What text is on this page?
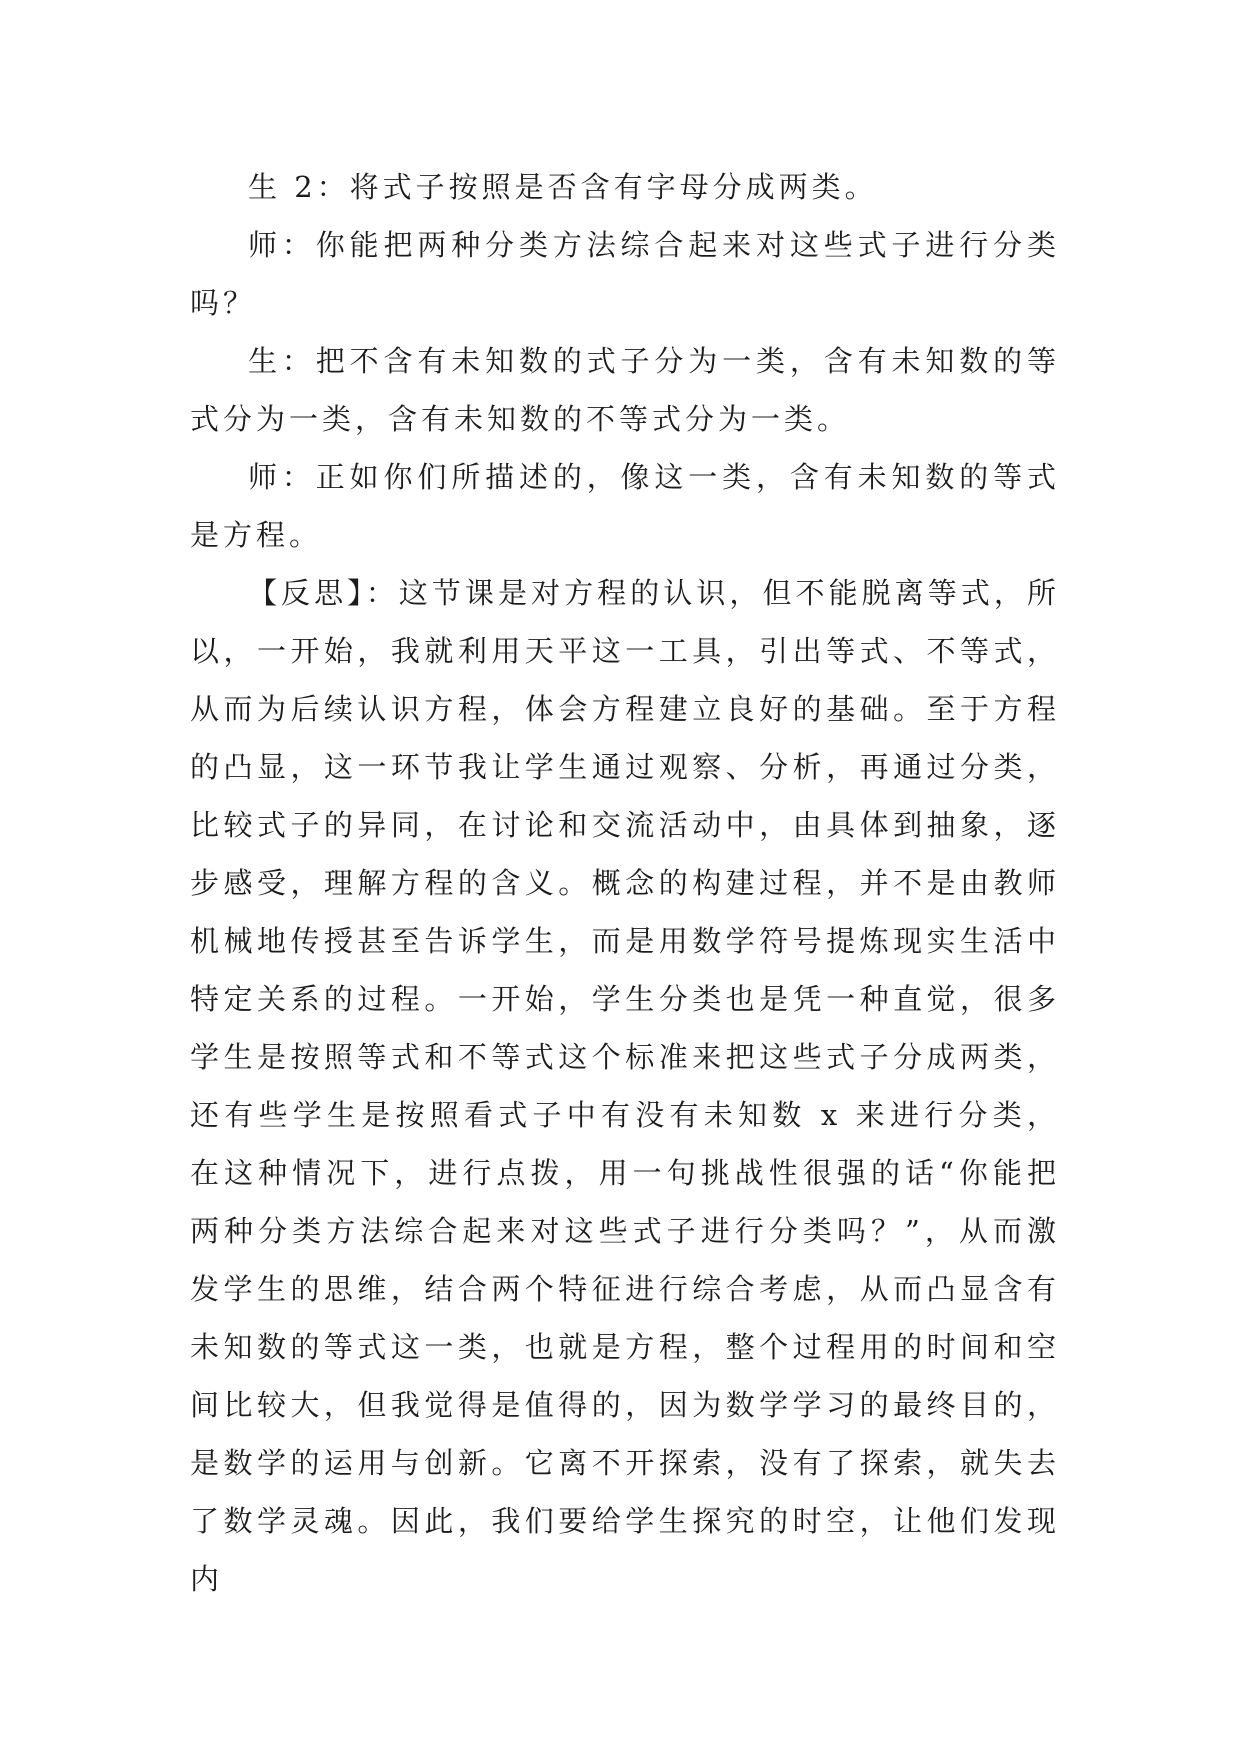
生 2：将式子按照是否含有字母分成两类。

师：你能把两种分类方法综合起来对这些式子进行分类吗？

生：把不含有未知数的式子分为一类，含有未知数的等式分为一类，含有未知数的不等式分为一类。

师：正如你们所描述的，像这一类，含有未知数的等式是方程。

【反思】：这节课是对方程的认识，但不能脱离等式，所以，一开始，我就利用天平这一工具，引出等式、不等式，从而为后续认识方程，体会方程建立良好的基础。至于方程的凸显，这一环节我让学生通过观察、分析，再通过分类，比较式子的异同，在讨论和交流活动中，由具体到抽象，逐步感受，理解方程的含义。概念的构建过程，并不是由教师机械地传授甚至告诉学生，而是用数学符号提炼现实生活中特定关系的过程。一开始，学生分类也是凭一种直觉，很多学生是按照等式和不等式这个标准来把这些式子分成两类，还有些学生是按照看式子中有没有未知数 x 来进行分类，在这种情况下，进行点拨，用一句挑战性很强的话“你能把两种分类方法综合起来对这些式子进行分类吗？”，从而激发学生的思维，结合两个特征进行综合考虑，从而凸显含有未知数的等式这一类，也就是方程，整个过程用的时间和空间比较大，但我觉得是值得的，因为数学学习的最终目的，是数学的运用与创新。它离不开探索，没有了探索，就失去了数学灵魂。因此，我们要给学生探究的时空，让他们发现内
